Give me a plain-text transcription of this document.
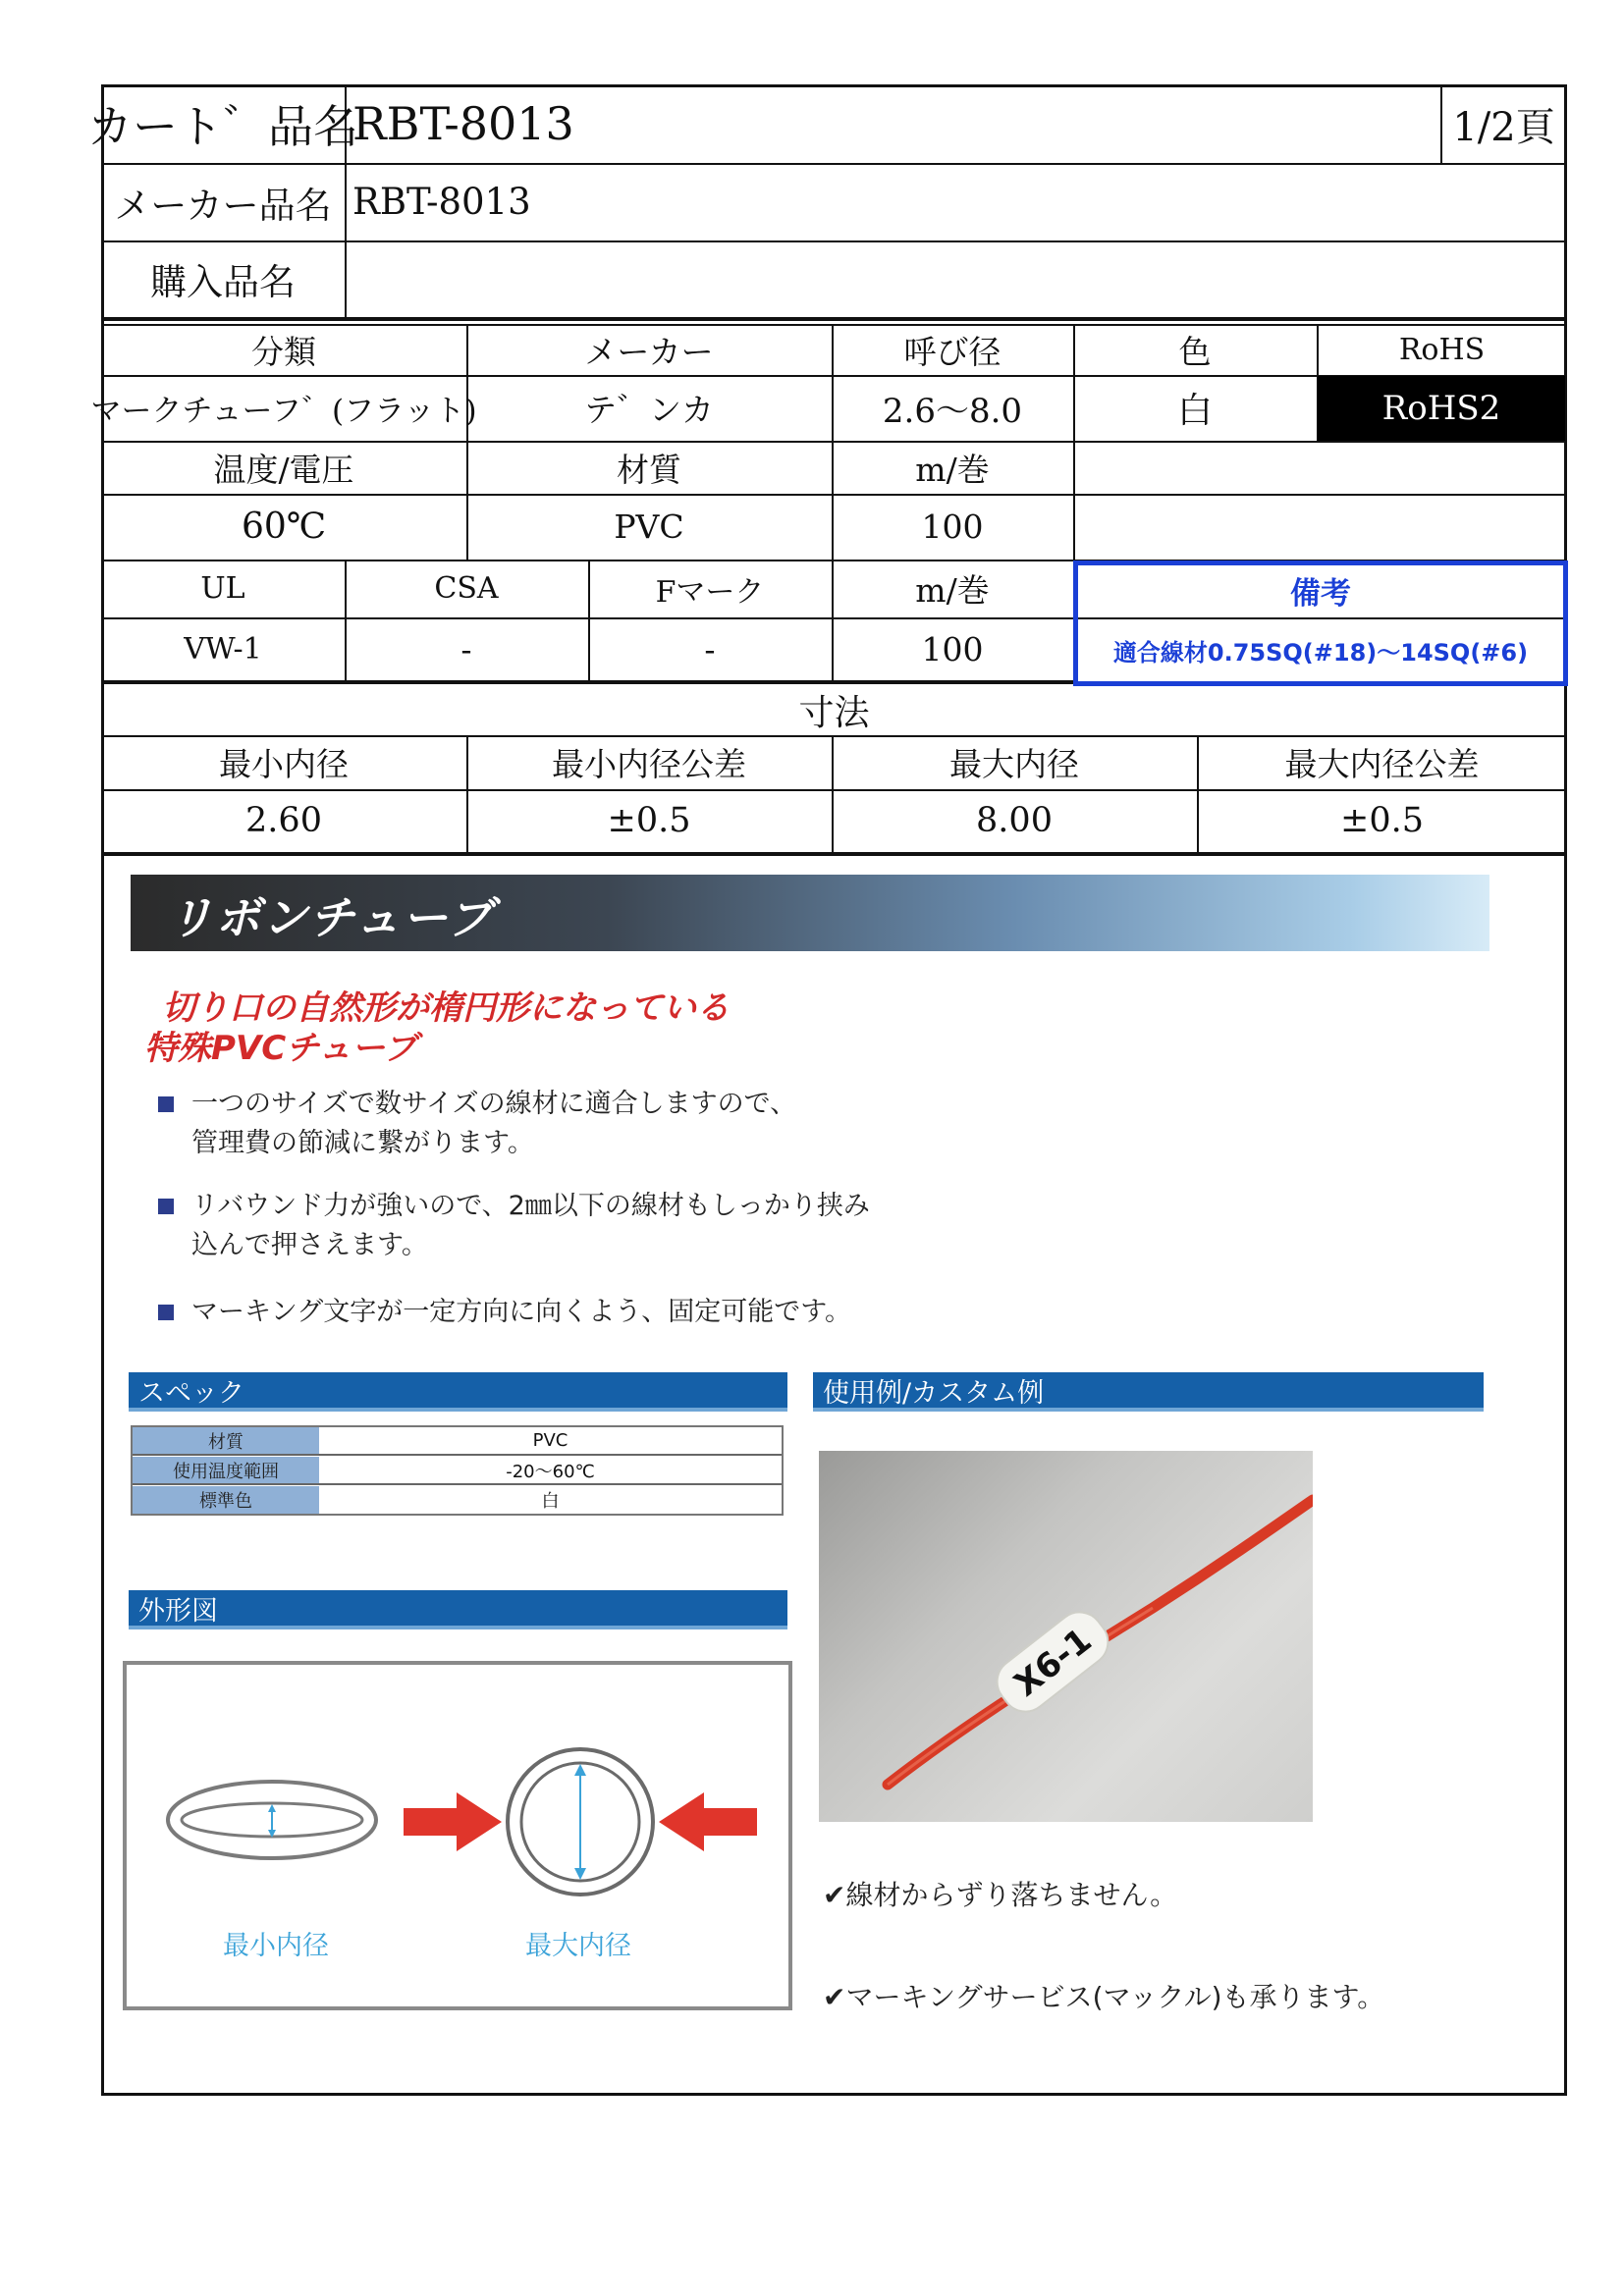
カート゛品名
RBT-8013	1/2頁
メーカー品名 RBT-8013
購入品名
分類	メーカー	呼び径	色	RoHS
マークチューフ゛(フラット)	テ゛ンカ	2.6～8.0	白	RoHS2
温度/電圧	材質	m/巻
60℃	PVC	100
UL	CSA	Fマーク	m/巻
VW-1	-	-	100
備考
適合線材0.75SQ(#18)～14SQ(#6)
寸法
最小内径	最小内径公差	最大内径	最大内径公差
2.60	±0.5	8.00	±0.5
リボンチューブ
切り口の自然形が楕円形になっている
特殊PVCチューブ
一つのサイズで数サイズの線材に適合しますので、
管理費の節減に繋がります。
リバウンド力が強いので、2㎜以下の線材もしっかり挟み
込んで押さえます。
マーキング文字が一定方向に向くよう、固定可能です。
スペック
材質	PVC
使用温度範囲	-20～60℃
標準色	白
外形図
最小内径	最大内径
使用例/カスタム例
X6-1
✔線材からずり落ちません。
✔マーキングサービス(マックル)も承ります。
